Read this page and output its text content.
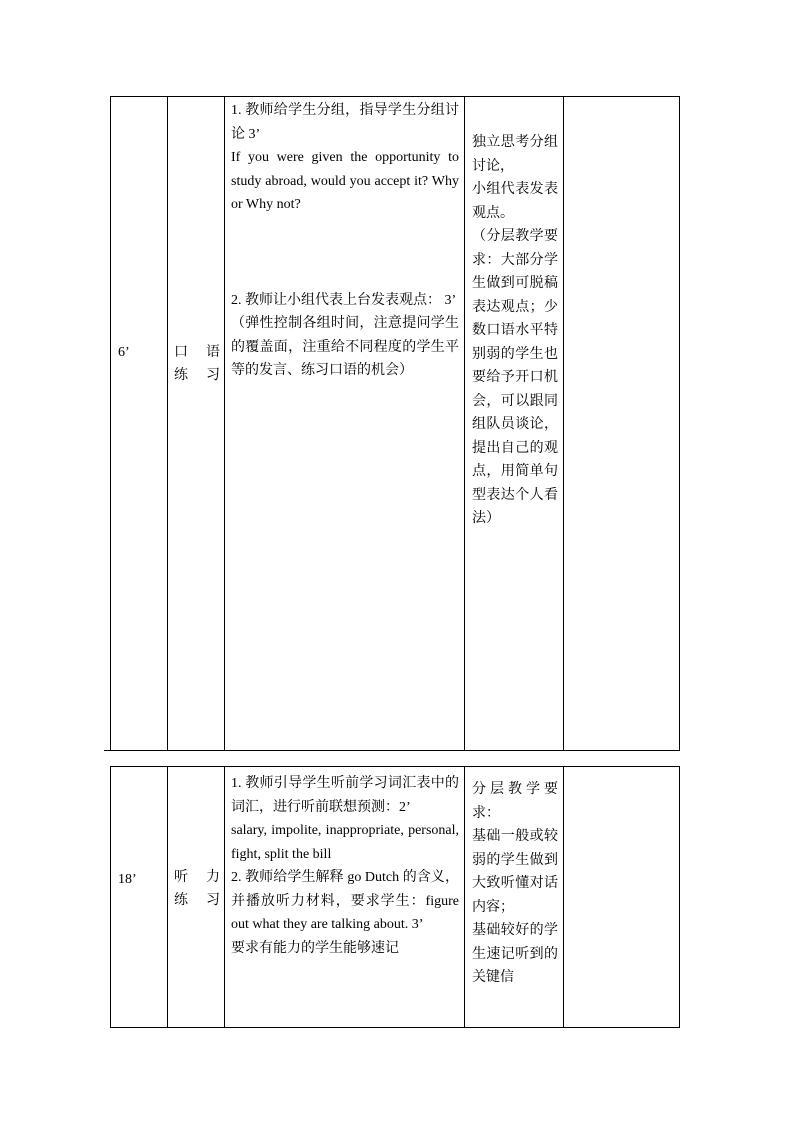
6’	口 语

练 习

1. 教师给学生分组，指导学生分组讨论 3’

If you were given the opportunity to study abroad, would you accept it? Why or Why not?

2. 教师让小组代表上台发表观点： 3’

（弹性控制各组时间，注意提问学生的覆盖面，注重给不同程度的学生平等的发言、练习口语的机会）

独立思考分组讨论，

小组代表发表观点。

（分层教学要求：大部分学生做到可脱稿表达观点；少数口语水平特别弱的学生也要给予开口机会，可以跟同组队员谈论，提出自己的观点，用简单句型表达个人看法）

18’	听 力

练 习

1. 教师引导学生听前学习词汇表中的词汇，进行听前联想预测：2’

salary, impolite, inappropriate, personal, fight, split the bill

2. 教师给学生解释 go Dutch 的含义，并播放听力材料，要求学生：figure out what they are talking about. 3’

要求有能力的学生能够速记

分层教学要求：

基础一般或较弱的学生做到大致听懂对话内容；

基础较好的学生速记听到的关键信
